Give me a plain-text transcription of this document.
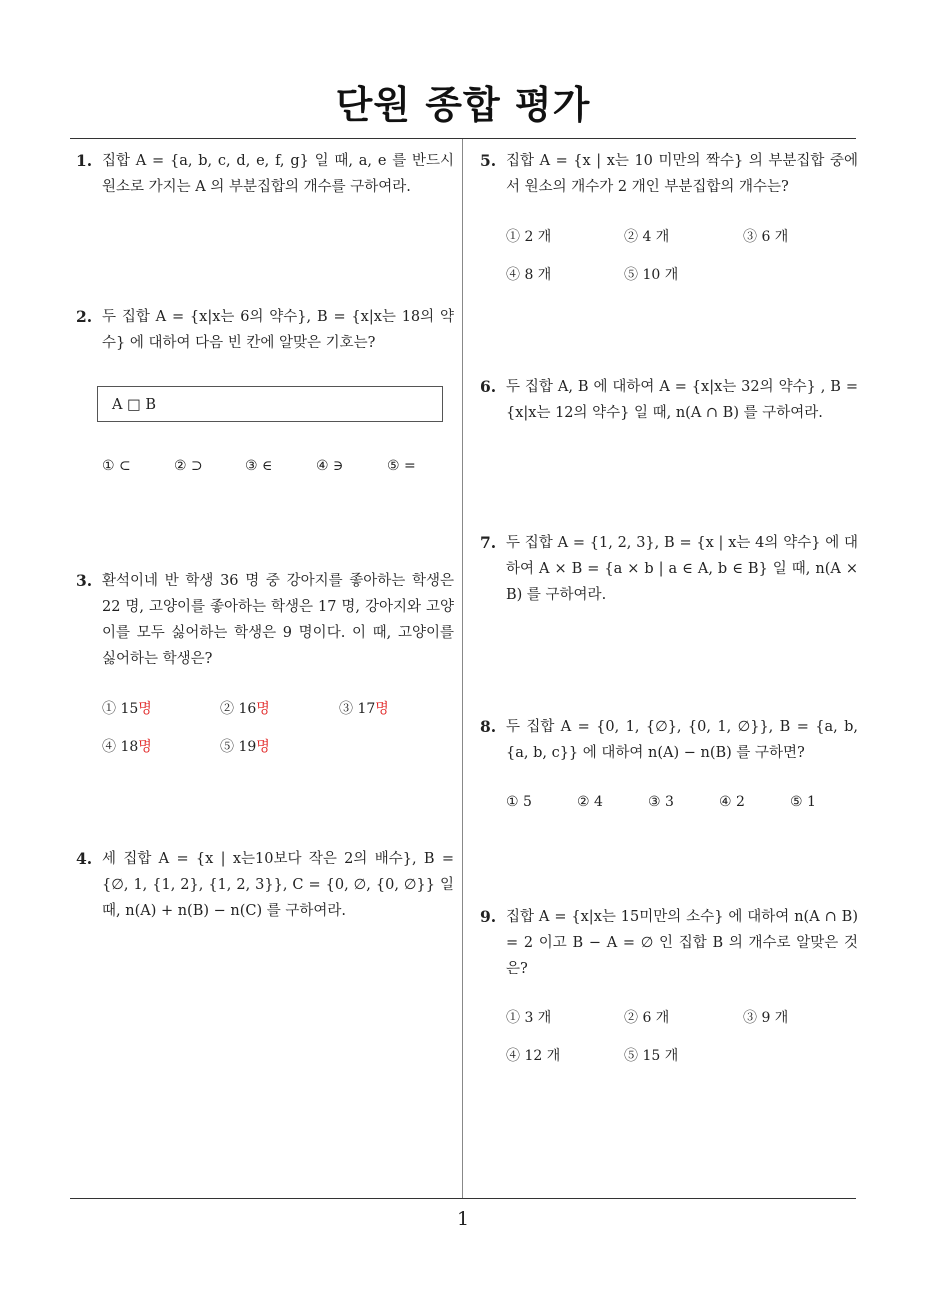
단원 종합 평가
1
1. 집합 A = {a, b, c, d, e, f, g} 일 때, a, e 를 반드시 원소로 가지는 A 의 부분집합의 개수를 구하여라.
2. 두 집합 A = {x|x는 6의 약수}, B = {x|x는 18의 약수} 에 대하여 다음 빈 칸에 알맞은 기호는?
A □ B
① ⊂	② ⊃	③ ∈	④ ∋	⑤ =
3. 환석이네 반 학생 36 명 중 강아지를 좋아하는 학생은 22 명, 고양이를 좋아하는 학생은 17 명, 강아지와 고양이를 모두 싫어하는 학생은 9 명이다. 이 때, 고양이를 싫어하는 학생은?
① 15명	② 16명	③ 17명
④ 18명	⑤ 19명
4. 세 집합 A = {x | x는10보다 작은 2의 배수}, B = {∅, 1, {1, 2}, {1, 2, 3}}, C = {0, ∅, {0, ∅}} 일 때, n(A) + n(B) − n(C) 를 구하여라.
5. 집합 A = {x | x는 10 미만의 짝수} 의 부분집합 중에서 원소의 개수가 2 개인 부분집합의 개수는?
① 2 개	② 4 개	③ 6 개
④ 8 개	⑤ 10 개
6. 두 집합 A, B 에 대하여 A = {x|x는 32의 약수} , B = {x|x는 12의 약수} 일 때, n(A ∩ B) 를 구하여라.
7. 두 집합 A = {1, 2, 3}, B = {x | x는 4의 약수} 에 대하여 A × B = {a × b | a ∈ A, b ∈ B} 일 때, n(A × B) 를 구하여라.
8. 두 집합 A = {0, 1, {∅}, {0, 1, ∅}}, B = {a, b, {a, b, c}} 에 대하여 n(A) − n(B) 를 구하면?
① 5	② 4	③ 3	④ 2	⑤ 1
9. 집합 A = {x|x는 15미만의 소수} 에 대하여 n(A ∩ B) = 2 이고 B − A = ∅ 인 집합 B 의 개수로 알맞은 것은?
① 3 개	② 6 개	③ 9 개
④ 12 개	⑤ 15 개
